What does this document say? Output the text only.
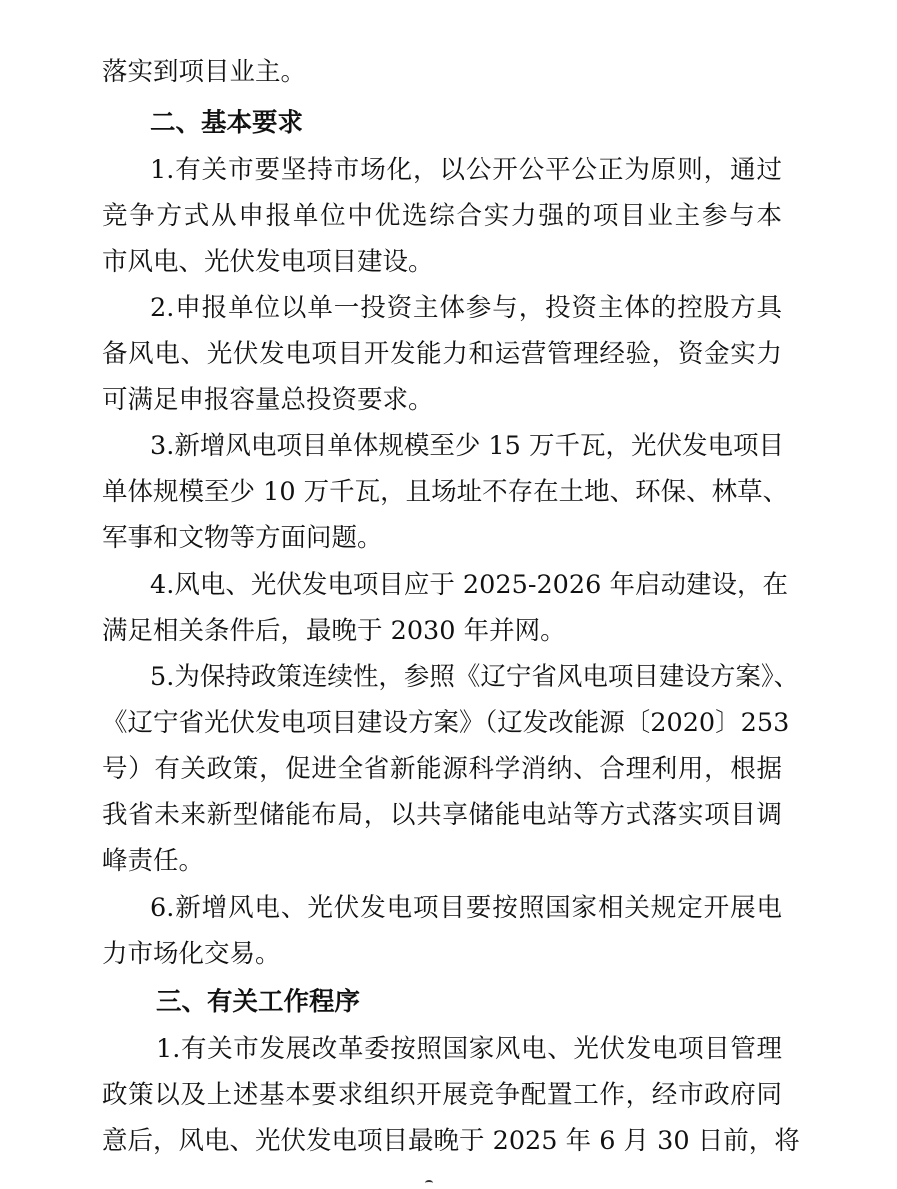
落实到项目业主。
二、基本要求
1.有关市要坚持市场化，以公开公平公正为原则，通过
竞争方式从申报单位中优选综合实力强的项目业主参与本
市风电、光伏发电项目建设。
2.申报单位以单一投资主体参与，投资主体的控股方具
备风电、光伏发电项目开发能力和运营管理经验，资金实力
可满足申报容量总投资要求。
3.新增风电项目单体规模至少 15 万千瓦，光伏发电项目
单体规模至少 10 万千瓦，且场址不存在土地、环保、林草、
军事和文物等方面问题。
4.风电、光伏发电项目应于 2025-2026 年启动建设，在
满足相关条件后，最晚于 2030 年并网。
5.为保持政策连续性，参照《辽宁省风电项目建设方案》、
《辽宁省光伏发电项目建设方案》（辽发改能源〔2020〕253
号）有关政策，促进全省新能源科学消纳、合理利用，根据
我省未来新型储能布局，以共享储能电站等方式落实项目调
峰责任。
6.新增风电、光伏发电项目要按照国家相关规定开展电
力市场化交易。
三、有关工作程序
1.有关市发展改革委按照国家风电、光伏发电项目管理
政策以及上述基本要求组织开展竞争配置工作，经市政府同
意后，风电、光伏发电项目最晚于 2025 年 6 月 30 日前，将
